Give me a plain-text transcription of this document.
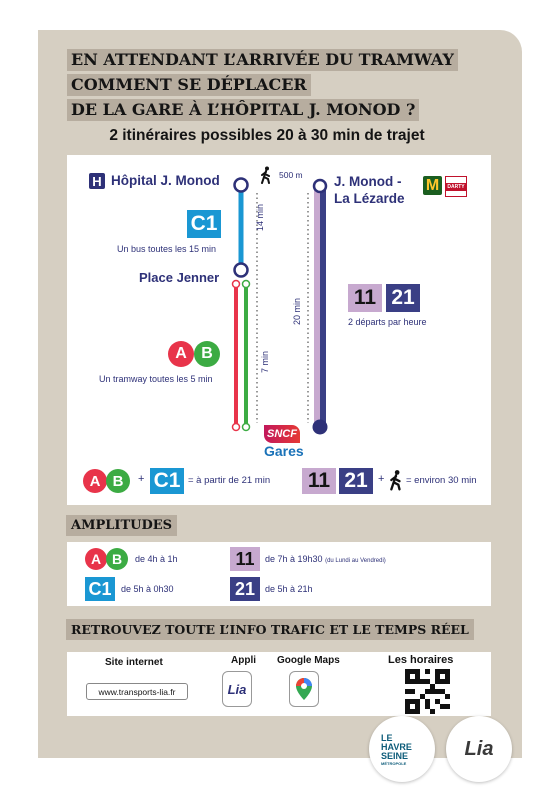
EN ATTENDANT L’ARRIVÉE DU TRAMWAY
COMMENT SE DÉPLACER
DE LA GARE À L’HÔPITAL J. MONOD ?
2 itinéraires possibles 20 à 30 min de trajet
H Hôpital J. Monod	500 m J. Monod -
La Lézarde
M DARTY
C1
Un bus toutes les 15 min
14 min
Place Jenner
20 min
11 21
2 départs par heure
A B
Un tramway toutes les 5 min
7 min
SNCF
Gares
A B	+ C1 = à partir de 21 min 11 21 + = environ 30 min
AMPLITUDES
A B	de 4h à 1h
C1	de 5h à 0h30
11	de 7h à 19h30 (du Lundi au Vendredi)
21	de 5h à 21h
RETROUVEZ TOUTE L’INFO TRAFIC ET LE TEMPS RÉEL
Site internet
www.transports-lia.fr
Appli
Lia
Google Maps	Les horaires
LE
HAVRE
SEINE
MÉTROPOLE
Lia
